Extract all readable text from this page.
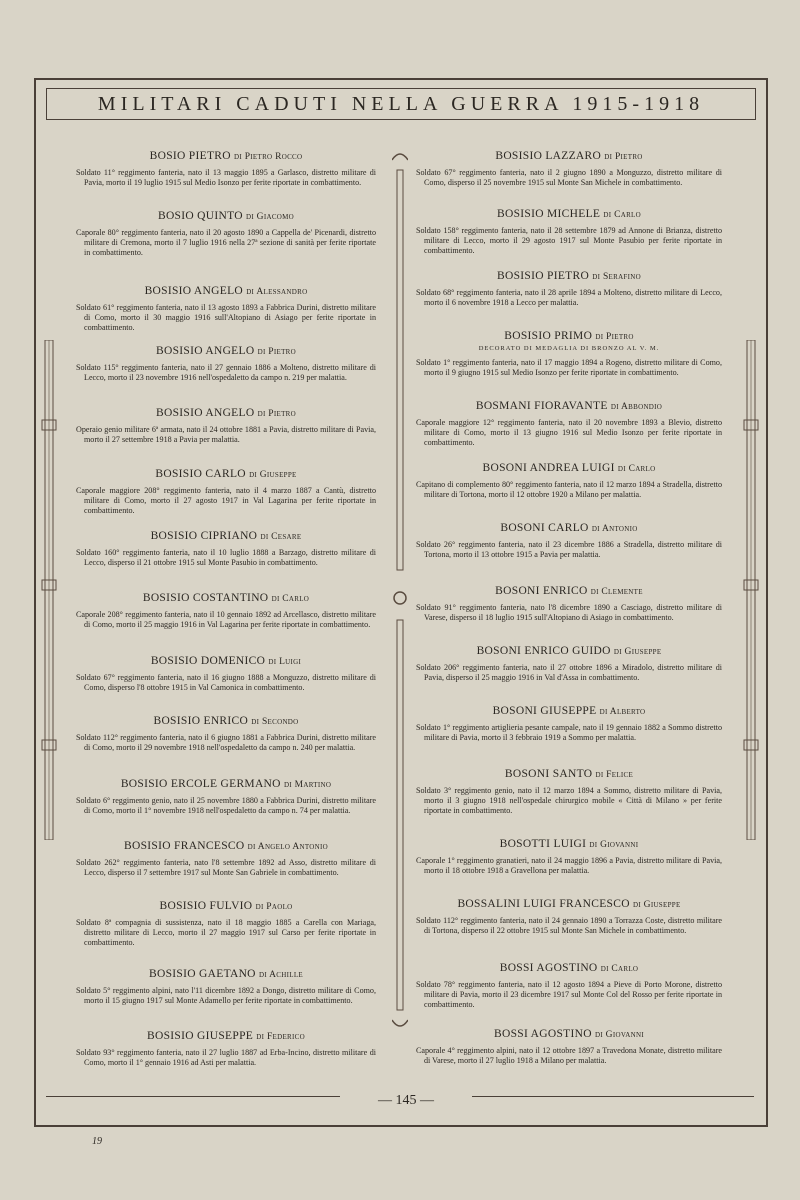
MILITARI CADUTI NELLA GUERRA 1915-1918
BOSIO PIETRO di Pietro Rocco
Soldato 11° reggimento fanteria, nato il 13 maggio 1895 a Garlasco, distretto militare di Pavia, morto il 19 luglio 1915 sul Medio Isonzo per ferite riportate in combattimento.
BOSIO QUINTO di Giacomo
Caporale 80° reggimento fanteria, nato il 20 agosto 1890 a Cappella de' Picenardi, distretto militare di Cremona, morto il 7 luglio 1916 nella 27ª sezione di sanità per ferite riportate in combattimento.
BOSISIO ANGELO di Alessandro
Soldato 61° reggimento fanteria, nato il 13 agosto 1893 a Fabbrica Durini, distretto militare di Como, morto il 30 maggio 1916 sull'Altopiano di Asiago per ferite riportate in combattimento.
BOSISIO ANGELO di Pietro
Soldato 115° reggimento fanteria, nato il 27 gennaio 1886 a Molteno, distretto militare di Lecco, morto il 23 novembre 1916 nell'ospedaletto da campo n. 219 per malattia.
BOSISIO ANGELO di Pietro
Operaio genio militare 6ª armata, nato il 24 ottobre 1881 a Pavia, distretto militare di Pavia, morto il 27 settembre 1918 a Pavia per malattia.
BOSISIO CARLO di Giuseppe
Caporale maggiore 208° reggimento fanteria, nato il 4 marzo 1887 a Cantù, distretto militare di Como, morto il 27 agosto 1917 in Val Lagarina per ferite riportate in combattimento.
BOSISIO CIPRIANO di Cesare
Soldato 160° reggimento fanteria, nato il 10 luglio 1888 a Barzago, distretto militare di Lecco, disperso il 21 ottobre 1915 sul Monte Pasubio in combattimento.
BOSISIO COSTANTINO di Carlo
Caporale 208° reggimento fanteria, nato il 10 gennaio 1892 ad Arcellasco, distretto militare di Como, morto il 25 maggio 1916 in Val Lagarina per ferite riportate in combattimento.
BOSISIO DOMENICO di Luigi
Soldato 67° reggimento fanteria, nato il 16 giugno 1888 a Monguzzo, distretto militare di Como, disperso l'8 ottobre 1915 in Val Camonica in combattimento.
BOSISIO ENRICO di Secondo
Soldato 112° reggimento fanteria, nato il 6 giugno 1881 a Fabbrica Durini, distretto militare di Como, morto il 29 novembre 1918 nell'ospedaletto da campo n. 240 per malattia.
BOSISIO ERCOLE GERMANO di Martino
Soldato 6° reggimento genio, nato il 25 novembre 1880 a Fabbrica Durini, distretto militare di Como, morto il 1° novembre 1918 nell'ospedaletto da campo n. 74 per malattia.
BOSISIO FRANCESCO di Angelo Antonio
Soldato 262° reggimento fanteria, nato l'8 settembre 1892 ad Asso, distretto militare di Lecco, disperso il 7 settembre 1917 sul Monte San Gabriele in combattimento.
BOSISIO FULVIO di Paolo
Soldato 8ª compagnia di sussistenza, nato il 18 maggio 1885 a Carella con Mariaga, distretto militare di Lecco, morto il 27 maggio 1917 sul Carso per ferite riportate in combattimento.
BOSISIO GAETANO di Achille
Soldato 5° reggimento alpini, nato l'11 dicembre 1892 a Dongo, distretto militare di Como, morto il 15 giugno 1917 sul Monte Adamello per ferite riportate in combattimento.
BOSISIO GIUSEPPE di Federico
Soldato 93° reggimento fanteria, nato il 27 luglio 1887 ad Erba-Incino, distretto militare di Como, morto il 1° gennaio 1916 ad Asti per malattia.
BOSISIO LAZZARO di Pietro
Soldato 67° reggimento fanteria, nato il 2 giugno 1890 a Monguzzo, distretto militare di Como, disperso il 25 novembre 1915 sul Monte San Michele in combattimento.
BOSISIO MICHELE di Carlo
Soldato 158° reggimento fanteria, nato il 28 settembre 1879 ad Annone di Brianza, distretto militare di Lecco, morto il 29 agosto 1917 sul Monte Pasubio per ferite riportate in combattimento.
BOSISIO PIETRO di Serafino
Soldato 68° reggimento fanteria, nato il 28 aprile 1894 a Molteno, distretto militare di Lecco, morto il 6 novembre 1918 a Lecco per malattia.
BOSISIO PRIMO di Pietro
DECORATO DI MEDAGLIA DI BRONZO AL V. M.
Soldato 1° reggimento fanteria, nato il 17 maggio 1894 a Rogeno, distretto militare di Como, morto il 9 giugno 1915 sul Medio Isonzo per ferite riportate in combattimento.
BOSMANI FIORAVANTE di Abbondio
Caporale maggiore 12° reggimento fanteria, nato il 20 novembre 1893 a Blevio, distretto militare di Como, morto il 13 giugno 1916 sul Medio Isonzo per ferite riportate in combattimento.
BOSONI ANDREA LUIGI di Carlo
Capitano di complemento 80° reggimento fanteria, nato il 12 marzo 1894 a Stradella, distretto militare di Tortona, morto il 12 ottobre 1920 a Milano per malattia.
BOSONI CARLO di Antonio
Soldato 26° reggimento fanteria, nato il 23 dicembre 1886 a Stradella, distretto militare di Tortona, morto il 13 ottobre 1915 a Pavia per malattia.
BOSONI ENRICO di Clemente
Soldato 91° reggimento fanteria, nato l'8 dicembre 1890 a Casciago, distretto militare di Varese, disperso il 18 luglio 1915 sull'Altopiano di Asiago in combattimento.
BOSONI ENRICO GUIDO di Giuseppe
Soldato 206° reggimento fanteria, nato il 27 ottobre 1896 a Miradolo, distretto militare di Pavia, disperso il 25 maggio 1916 in Val d'Assa in combattimento.
BOSONI GIUSEPPE di Alberto
Soldato 1° reggimento artiglieria pesante campale, nato il 19 gennaio 1882 a Sommo distretto militare di Pavia, morto il 3 febbraio 1919 a Sommo per malattia.
BOSONI SANTO di Felice
Soldato 3° reggimento genio, nato il 12 marzo 1894 a Sommo, distretto militare di Pavia, morto il 3 giugno 1918 nell'ospedale chirurgico mobile « Città di Milano » per ferite riportate in combattimento.
BOSOTTI LUIGI di Giovanni
Caporale 1° reggimento granatieri, nato il 24 maggio 1896 a Pavia, distretto militare di Pavia, morto il 18 ottobre 1918 a Gravellona per malattia.
BOSSALINI LUIGI FRANCESCO di Giuseppe
Soldato 112° reggimento fanteria, nato il 24 gennaio 1890 a Torrazza Coste, distretto militare di Tortona, disperso il 22 ottobre 1915 sul Monte San Michele in combattimento.
BOSSI AGOSTINO di Carlo
Soldato 78° reggimento fanteria, nato il 12 agosto 1894 a Pieve di Porto Morone, distretto militare di Pavia, morto il 23 dicembre 1917 sul Monte Col del Rosso per ferite riportate in combattimento.
BOSSI AGOSTINO di Giovanni
Caporale 4° reggimento alpini, nato il 12 ottobre 1897 a Travedona Monate, distretto militare di Varese, morto il 27 luglio 1918 a Milano per malattia.
— 145 —
19
